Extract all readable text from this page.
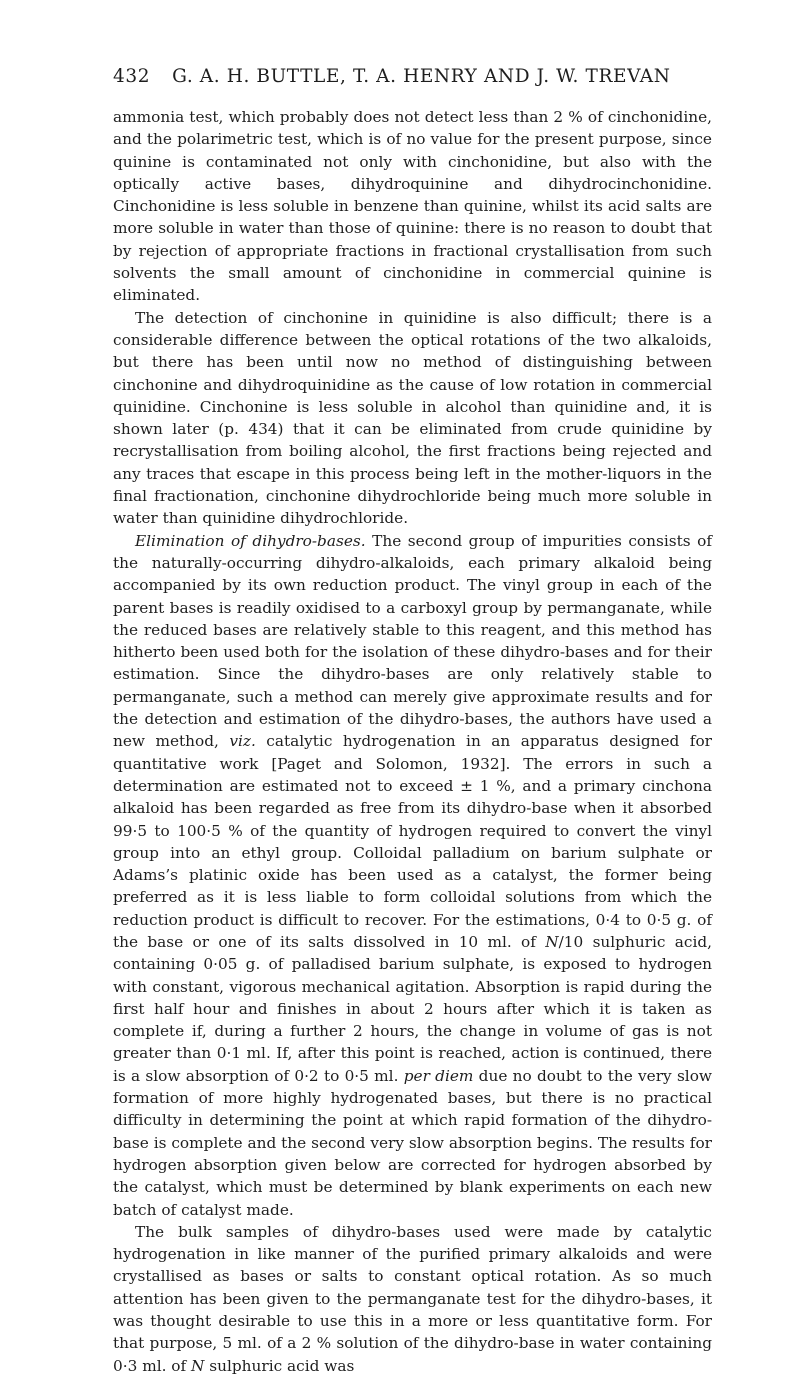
432 G. A. H. BUTTLE, T. A. HENRY AND J. W. TREVAN

ammonia test, which probably does not detect less than 2 % of cinchonidine, and the polarimetric test, which is of no value for the present purpose, since quinine is contaminated not only with cinchonidine, but also with the optically active bases, dihydroquinine and dihydrocinchonidine. Cinchonidine is less soluble in benzene than quinine, whilst its acid salts are more soluble in water than those of quinine: there is no reason to doubt that by rejection of appropriate fractions in fractional crystallisation from such solvents the small amount of cinchonidine in commercial quinine is eliminated.

The detection of cinchonine in quinidine is also difficult; there is a considerable difference between the optical rotations of the two alkaloids, but there has been until now no method of distinguishing between cinchonine and dihydroquinidine as the cause of low rotation in commercial quinidine. Cinchonine is less soluble in alcohol than quinidine and, it is shown later (p. 434) that it can be eliminated from crude quinidine by recrystallisation from boiling alcohol, the first fractions being rejected and any traces that escape in this process being left in the mother-liquors in the final fractionation, cinchonine dihydrochloride being much more soluble in water than quinidine dihydrochloride.

Elimination of dihydro-bases. The second group of impurities consists of the naturally-occurring dihydro-alkaloids, each primary alkaloid being accompanied by its own reduction product. The vinyl group in each of the parent bases is readily oxidised to a carboxyl group by permanganate, while the reduced bases are relatively stable to this reagent, and this method has hitherto been used both for the isolation of these dihydro-bases and for their estimation. Since the dihydro-bases are only relatively stable to permanganate, such a method can merely give approximate results and for the detection and estimation of the dihydro-bases, the authors have used a new method, viz. catalytic hydrogenation in an apparatus designed for quantitative work [Paget and Solomon, 1932]. The errors in such a determination are estimated not to exceed ± 1 %, and a primary cinchona alkaloid has been regarded as free from its dihydro-base when it absorbed 99·5 to 100·5 % of the quantity of hydrogen required to convert the vinyl group into an ethyl group. Colloidal palladium on barium sulphate or Adams’s platinic oxide has been used as a catalyst, the former being preferred as it is less liable to form colloidal solutions from which the reduction product is difficult to recover. For the estimations, 0·4 to 0·5 g. of the base or one of its salts dissolved in 10 ml. of N/10 sulphuric acid, containing 0·05 g. of palladised barium sulphate, is exposed to hydrogen with constant, vigorous mechanical agitation. Absorption is rapid during the first half hour and finishes in about 2 hours after which it is taken as complete if, during a further 2 hours, the change in volume of gas is not greater than 0·1 ml. If, after this point is reached, action is continued, there is a slow absorption of 0·2 to 0·5 ml. per diem due no doubt to the very slow formation of more highly hydrogenated bases, but there is no practical difficulty in determining the point at which rapid formation of the dihydro-base is complete and the second very slow absorption begins. The results for hydrogen absorption given below are corrected for hydrogen absorbed by the catalyst, which must be determined by blank experiments on each new batch of catalyst made.

The bulk samples of dihydro-bases used were made by catalytic hydrogenation in like manner of the purified primary alkaloids and were crystallised as bases or salts to constant optical rotation. As so much attention has been given to the permanganate test for the dihydro-bases, it was thought desirable to use this in a more or less quantitative form. For that purpose, 5 ml. of a 2 % solution of the dihydro-base in water containing 0·3 ml. of N sulphuric acid was
